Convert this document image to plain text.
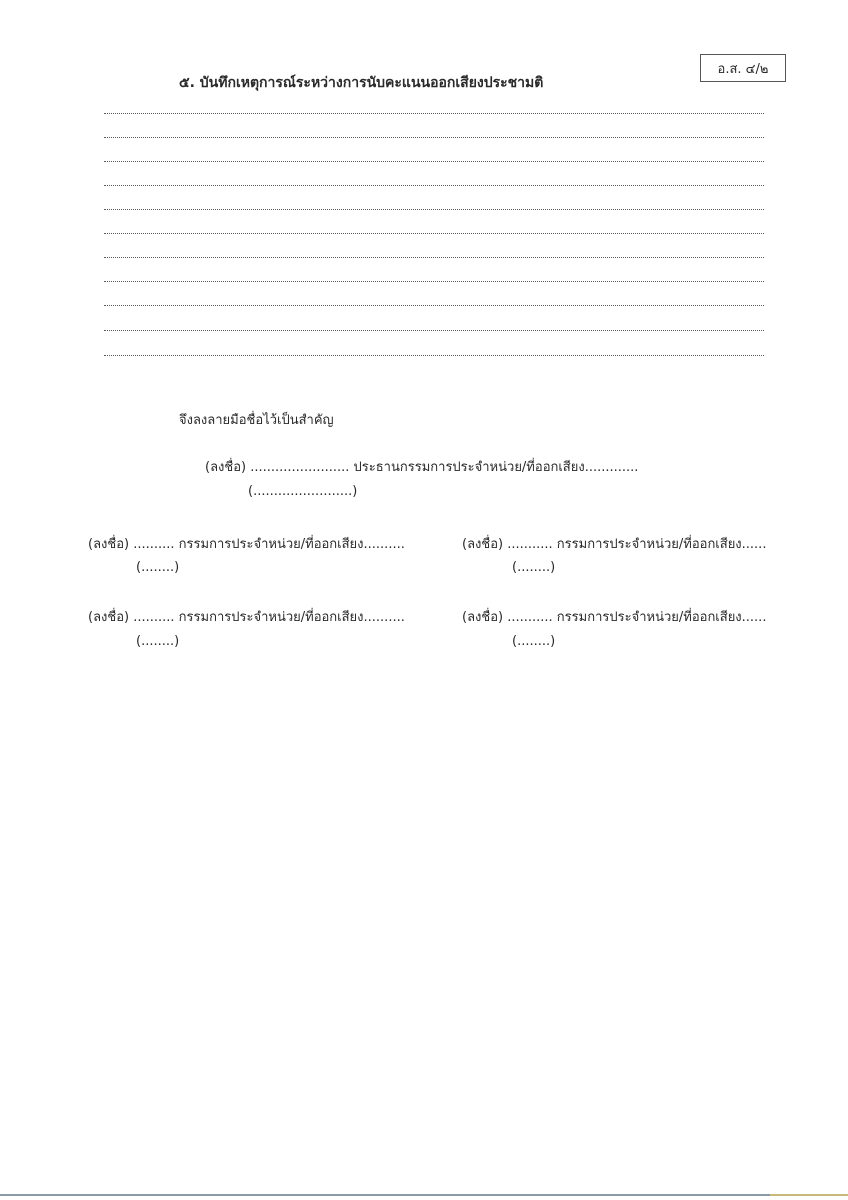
อ.ส. ๔/๒
๕. บันทึกเหตุการณ์ระหว่างการนับคะแนนออกเสียงประชามติ
จึงลงลายมือชื่อไว้เป็นสำคัญ
(ลงชื่อ) ........................ ประธานกรรมการประจำหน่วย/ที่ออกเสียง.............
(........................)
(ลงชื่อ) .......... กรรมการประจำหน่วย/ที่ออกเสียง..........
(........)
(ลงชื่อ) ........... กรรมการประจำหน่วย/ที่ออกเสียง......
(........)
(ลงชื่อ) .......... กรรมการประจำหน่วย/ที่ออกเสียง..........
(........)
(ลงชื่อ) ........... กรรมการประจำหน่วย/ที่ออกเสียง......
(........)
